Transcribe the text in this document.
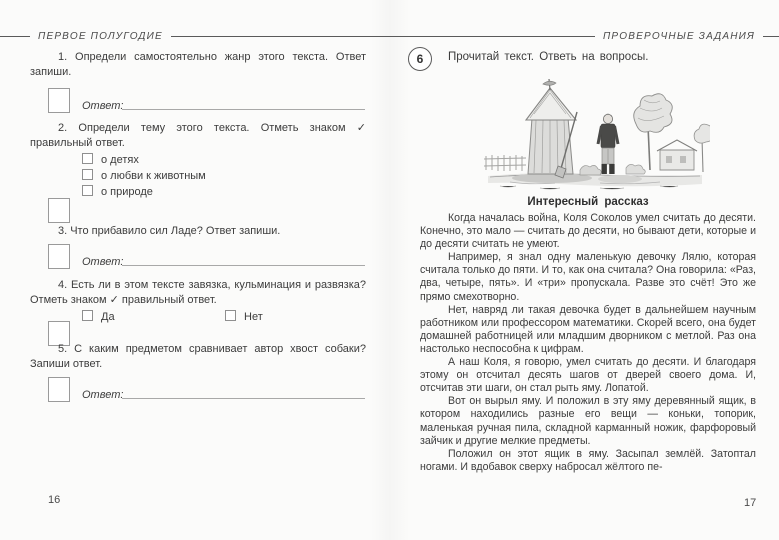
ПЕРВОЕ ПОЛУГОДИЕ

1. Определи самостоятельно жанр этого текста. Ответ запиши.

Ответ:

2. Определи тему этого текста. Отметь знаком ✓ правильный ответ.

о детях
о любви к животным
о природе

3. Что прибавило сил Ладе? Ответ запиши.

Ответ:

4. Есть ли в этом тексте завязка, кульминация и развязка? Отметь знаком ✓ правильный ответ.

Да	Нет

5. С каким предметом сравнивает автор хвост собаки? Запиши ответ.

Ответ:
16
ПРОВЕРОЧНЫЕ ЗАДАНИЯ
6	Прочитай текст. Ответь на вопросы.

Интересный рассказ

Когда началась война, Коля Соколов умел считать до десяти. Конечно, это мало — считать до десяти, но бывают дети, которые и до десяти считать не умеют.

Например, я знал одну маленькую девочку Лялю, которая считала только до пяти. И то, как она считала? Она говорила: «Раз, два, четыре, пять». И «три» пропускала. Разве это счёт! Это же прямо смехотворно.

Нет, навряд ли такая девочка будет в дальнейшем научным работником или профессором математики. Скорей всего, она будет домашней работницей или младшим дворником с метлой. Раз она настолько неспособна к цифрам.

А наш Коля, я говорю, умел считать до десяти. И благодаря этому он отсчитал десять шагов от дверей своего дома. И, отсчитав эти шаги, он стал рыть яму. Лопатой.

Вот он вырыл яму. И положил в эту яму деревянный ящик, в котором находились разные его вещи — коньки, топорик, маленькая ручная пила, складной карманный ножик, фарфоровый зайчик и другие мелкие предметы.

Положил он этот ящик в яму. Засыпал землёй. Затоптал ногами. И вдобавок сверху набросал жёлтого пе-

17
